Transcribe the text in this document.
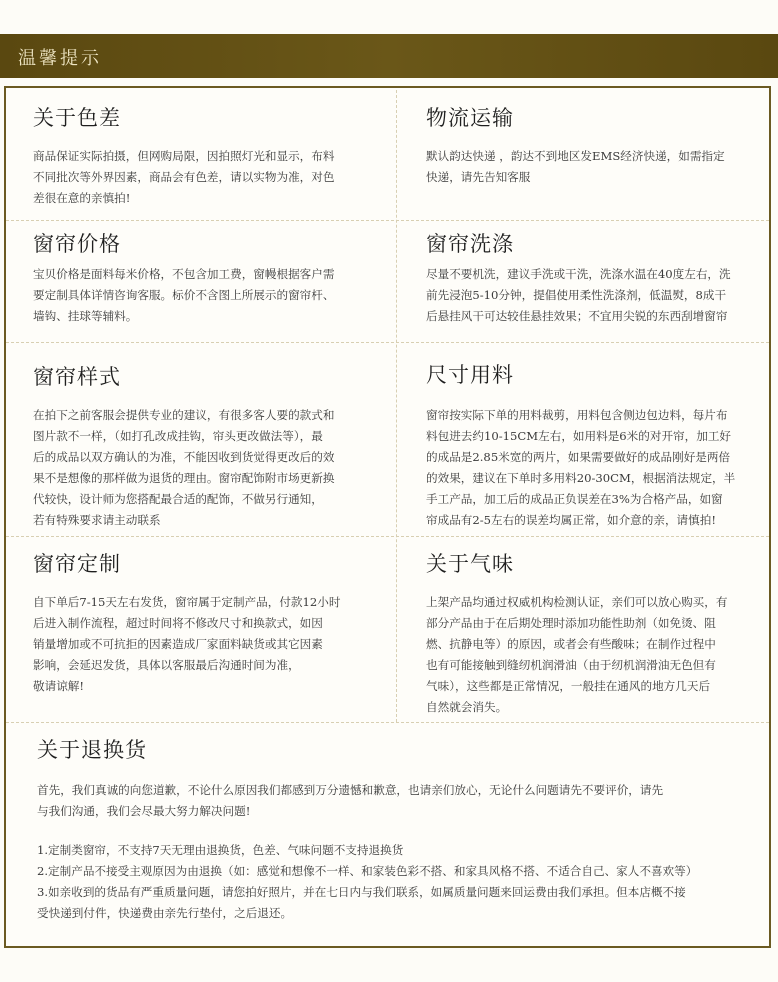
温馨提示
关于色差

商品保证实际拍摄，但网购局限，因拍照灯光和显示，布料
不同批次等外界因素，商品会有色差，请以实物为准，对色
差很在意的亲慎拍!

物流运输

默认韵达快递 ，韵达不到地区发EMS经济快递，如需指定
快递，请先告知客服

窗帘价格

宝贝价格是面料每米价格，不包含加工费，窗幔根据客户需
要定制具体详情咨询客服。标价不含图上所展示的窗帘杆、
墙钩、挂球等辅料。

窗帘洗涤

尽量不要机洗，建议手洗或干洗，洗涤水温在40度左右，洗
前先浸泡5-10分钟，提倡使用柔性洗涤剂，低温熨，8成干
后悬挂风干可达较佳悬挂效果；不宜用尖锐的东西刮增窗帘

窗帘样式

在拍下之前客服会提供专业的建议，有很多客人要的款式和
图片款不一样，（如打孔改成挂钩，帘头更改做法等），最
后的成品以双方确认的为准，不能因收到货觉得更改后的效
果不是想像的那样做为退货的理由。窗帘配饰附市场更新换
代较快，设计师为您搭配最合适的配饰，不做另行通知，
若有特殊要求请主动联系

尺寸用料

窗帘按实际下单的用料裁剪，用料包含侧边包边料，每片布
料包进去约10-15CM左右，如用料是6米的对开帘，加工好
的成品是2.85米宽的两片，如果需要做好的成品刚好是两倍
的效果，建议在下单时多用料20-30CM，根据消法规定，半
手工产品，加工后的成品正负误差在3%为合格产品，如窗
帘成品有2-5左右的误差均属正常，如介意的亲，请慎拍!

窗帘定制

自下单后7-15天左右发货，窗帘属于定制产品，付款12小时
后进入制作流程，超过时间将不修改尺寸和换款式，如因
销量增加或不可抗拒的因素造成厂家面料缺货或其它因素
影响，会延迟发货，具体以客服最后沟通时间为准，
敬请谅解!

关于气味

上架产品均通过权威机构检测认证，亲们可以放心购买，有
部分产品由于在后期处理时添加功能性助剂（如免烫、阻
燃、抗静电等）的原因，或者会有些酸味；在制作过程中
也有可能接触到缝纫机润滑油（由于纫机润滑油无色但有
气味），这些都是正常情况，一般挂在通风的地方几天后
自然就会消失。

关于退换货

首先，我们真诚的向您道歉，不论什么原因我们都感到万分遗憾和歉意，也请亲们放心，无论什么问题请先不要评价，请先
与我们沟通，我们会尽最大努力解决问题!

1.定制类窗帘，不支持7天无理由退换货，色差、气味问题不支持退换货

2.定制产品不接受主观原因为由退换（如：感觉和想像不一样、和家装色彩不搭、和家具风格不搭、不适合自己、家人不喜欢等）

3.如亲收到的货品有严重质量问题，请您拍好照片，并在七日内与我们联系，如属质量问题来回运费由我们承担。但本店概不接
受快递到付件，快递费由亲先行垫付，之后退还。
